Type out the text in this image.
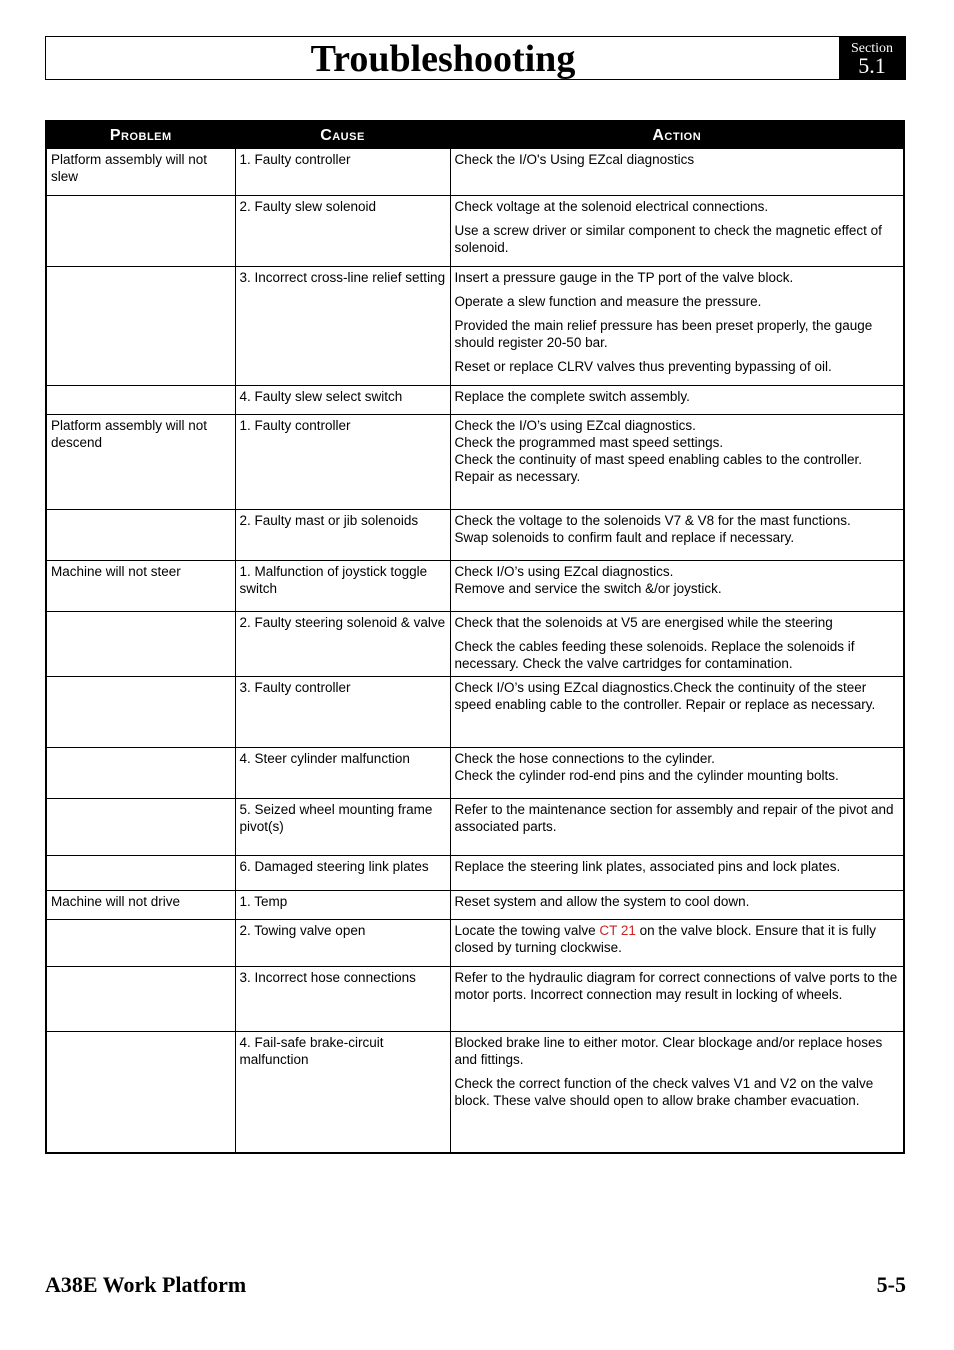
Troubleshooting	Section
5.1
Problem	Cause	Action
Platform assembly will not slew	1. Faulty controller	Check the I/O's Using EZcal diagnostics

	2. Faulty slew solenoid	Check voltage at the solenoid electrical connections.
Use a screw driver or similar component to check the magnetic effect of solenoid.

	3. Incorrect cross-line relief setting	Insert a pressure gauge in the TP port of the valve block.
Operate a slew function and measure the pressure.
Provided the main relief pressure has been preset properly, the gauge should register 20-50 bar.
Reset or replace CLRV valves thus preventing bypassing of oil.

	4. Faulty slew select switch	Replace the complete switch assembly.

Platform assembly will not descend	1. Faulty controller	Check the I/O’s using EZcal diagnostics.
Check the programmed mast speed settings.
Check the continuity of mast speed enabling cables to the controller.
Repair as necessary.

	2. Faulty mast or jib solenoids	Check the voltage to the solenoids V7 & V8 for the mast functions.
Swap solenoids to confirm fault and replace if necessary.

Machine will not steer	1. Malfunction of joystick toggle switch	Check I/O’s using EZcal diagnostics.
Remove and service the switch &/or joystick.

	2. Faulty steering solenoid & valve	Check that the solenoids at V5 are energised while the steering
Check the cables feeding these solenoids. Replace the solenoids if necessary. Check the valve cartridges for contamination.

	3. Faulty controller	Check I/O’s using EZcal diagnostics.Check the continuity of the steer speed enabling cable to the controller. Repair or replace as necessary.

	4. Steer cylinder malfunction	Check the hose connections to the cylinder.
Check the cylinder rod-end pins and the cylinder mounting bolts.

	5. Seized wheel mounting frame pivot(s)	Refer to the maintenance section for assembly and repair of the pivot and associated parts.

	6. Damaged steering link plates	Replace the steering link plates, associated pins and lock plates.

Machine will not drive	1. Temp	Reset system and allow the system to cool down.

	2. Towing valve open	Locate the towing valve CT 21 on the valve block. Ensure that it is fully closed by turning clockwise.
	3. Incorrect hose connections	Refer to the hydraulic diagram for correct connections of valve ports to the motor ports. Incorrect connection may result in locking of wheels.

	4. Fail-safe brake-circuit malfunction	Blocked brake line to either motor. Clear blockage and/or replace hoses and fittings.
Check the correct function of the check valves V1 and V2 on the valve block. These valve should open to allow brake chamber evacuation.
A38E Work Platform	5-5
